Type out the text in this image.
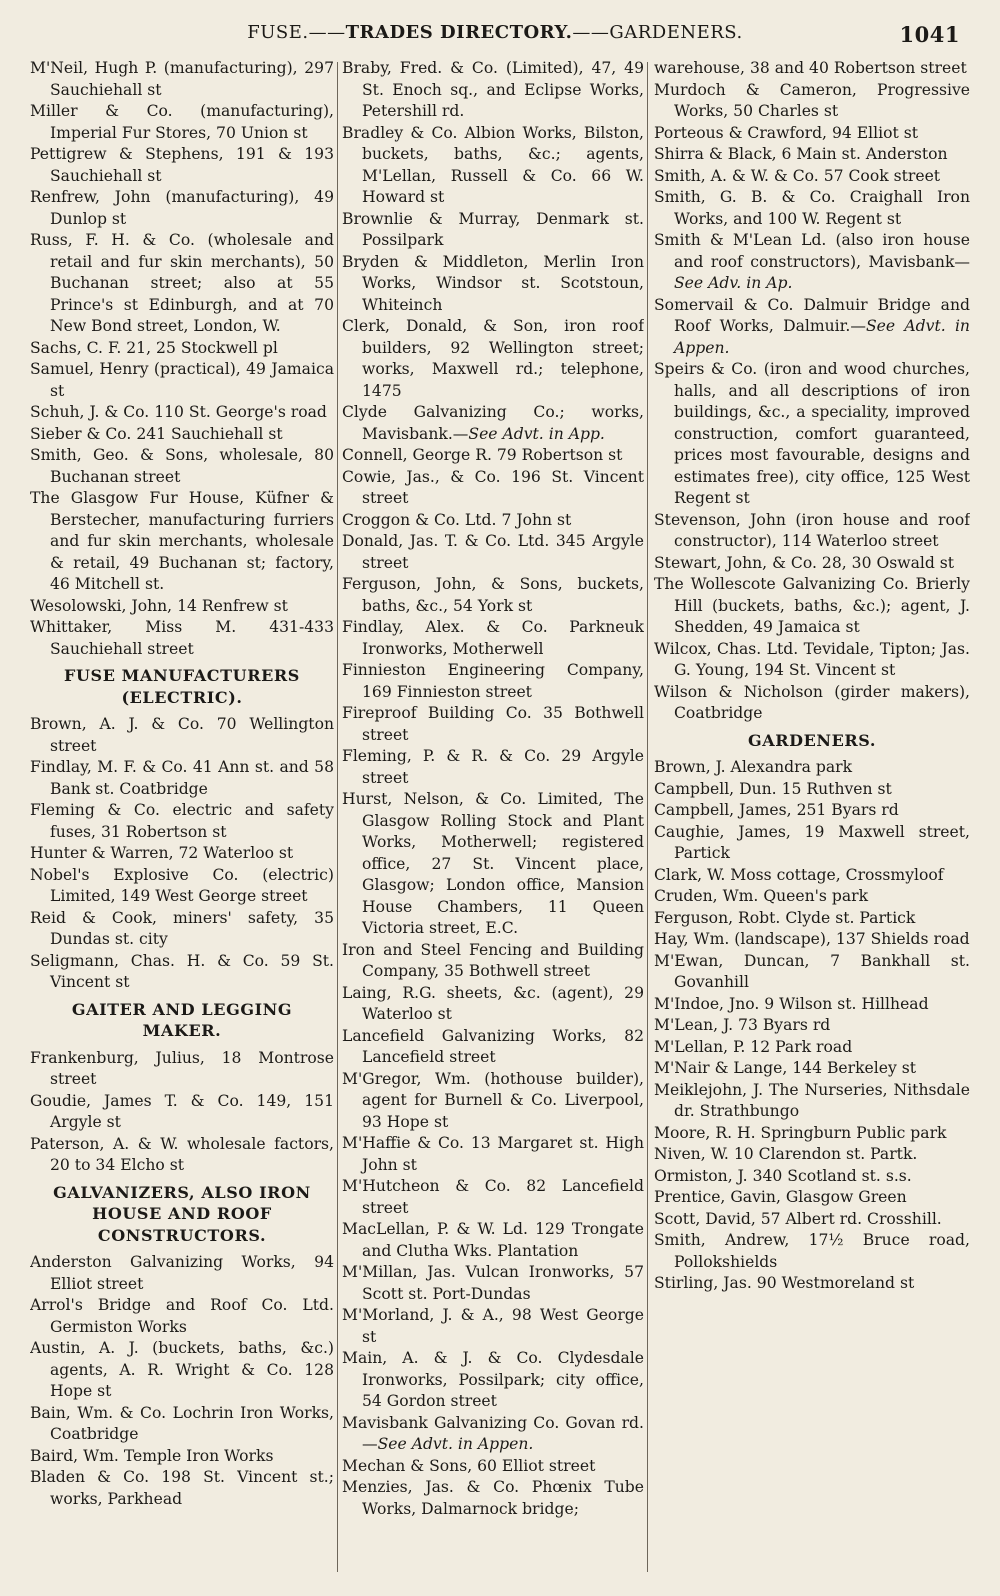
FUSE.——TRADES DIRECTORY.——GARDENERS.	1041
M'Neil, Hugh P. (manufacturing), 297 Sauchiehall st
Miller & Co. (manufacturing), Imperial Fur Stores, 70 Union st
Pettigrew & Stephens, 191 & 193 Sauchiehall st
Renfrew, John (manufacturing), 49 Dunlop st
Russ, F. H. & Co. (wholesale and retail and fur skin merchants), 50 Buchanan street; also at 55 Prince's st Edinburgh, and at 70 New Bond street, London, W.
Sachs, C. F. 21, 25 Stockwell pl
Samuel, Henry (practical), 49 Jamaica st
Schuh, J. & Co. 110 St. George's road
Sieber & Co. 241 Sauchiehall st
Smith, Geo. & Sons, wholesale, 80 Buchanan street
The Glasgow Fur House, Küfner & Berstecher, manufacturing furriers and fur skin merchants, wholesale & retail, 49 Buchanan st; factory, 46 Mitchell st.
Wesolowski, John, 14 Renfrew st
Whittaker, Miss M. 431-433 Sauchiehall street
FUSE MANUFACTURERS (ELECTRIC).
Brown, A. J. & Co. 70 Wellington street
Findlay, M. F. & Co. 41 Ann st. and 58 Bank st. Coatbridge
Fleming & Co. electric and safety fuses, 31 Robertson st
Hunter & Warren, 72 Waterloo st
Nobel's Explosive Co. (electric) Limited, 149 West George street
Reid & Cook, miners' safety, 35 Dundas st. city
Seligmann, Chas. H. & Co. 59 St. Vincent st
GAITER AND LEGGING MAKER.
Frankenburg, Julius, 18 Montrose street
Goudie, James T. & Co. 149, 151 Argyle st
Paterson, A. & W. wholesale factors, 20 to 34 Elcho st
GALVANIZERS, ALSO IRON HOUSE AND ROOF CONSTRUCTORS.
Anderston Galvanizing Works, 94 Elliot street
Arrol's Bridge and Roof Co. Ltd. Germiston Works
Austin, A. J. (buckets, baths, &c.) agents, A. R. Wright & Co. 128 Hope st
Bain, Wm. & Co. Lochrin Iron Works, Coatbridge
Baird, Wm. Temple Iron Works
Bladen & Co. 198 St. Vincent st.; works, Parkhead
Braby, Fred. & Co. (Limited), 47, 49 St. Enoch sq., and Eclipse Works, Petershill rd.
Bradley & Co. Albion Works, Bilston, buckets, baths, &c.; agents, M'Lellan, Russell & Co. 66 W. Howard st
Brownlie & Murray, Denmark st. Possilpark
Bryden & Middleton, Merlin Iron Works, Windsor st. Scotstoun, Whiteinch
Clerk, Donald, & Son, iron roof builders, 92 Wellington street; works, Maxwell rd.; telephone, 1475
Clyde Galvanizing Co.; works, Mavisbank.—See Advt. in App.
Connell, George R. 79 Robertson st
Cowie, Jas., & Co. 196 St. Vincent street
Croggon & Co. Ltd. 7 John st
Donald, Jas. T. & Co. Ltd. 345 Argyle street
Ferguson, John, & Sons, buckets, baths, &c., 54 York st
Findlay, Alex. & Co. Parkneuk Ironworks, Motherwell
Finnieston Engineering Company, 169 Finnieston street
Fireproof Building Co. 35 Bothwell street
Fleming, P. & R. & Co. 29 Argyle street
Hurst, Nelson, & Co. Limited, The Glasgow Rolling Stock and Plant Works, Motherwell; registered office, 27 St. Vincent place, Glasgow; London office, Mansion House Chambers, 11 Queen Victoria street, E.C.
Iron and Steel Fencing and Building Company, 35 Bothwell street
Laing, R.G. sheets, &c. (agent), 29 Waterloo st
Lancefield Galvanizing Works, 82 Lancefield street
M'Gregor, Wm. (hothouse builder), agent for Burnell & Co. Liverpool, 93 Hope st
M'Haffie & Co. 13 Margaret st. High John st
M'Hutcheon & Co. 82 Lancefield street
MacLellan, P. & W. Ld. 129 Trongate and Clutha Wks. Plantation
M'Millan, Jas. Vulcan Ironworks, 57 Scott st. Port-Dundas
M'Morland, J. & A., 98 West George st
Main, A. & J. & Co. Clydesdale Ironworks, Possilpark; city office, 54 Gordon street
Mavisbank Galvanizing Co. Govan rd.—See Advt. in Appen.
Mechan & Sons, 60 Elliot street
Menzies, Jas. & Co. Phœnix Tube Works, Dalmarnock bridge;
warehouse, 38 and 40 Robertson street
Murdoch & Cameron, Progressive Works, 50 Charles st
Porteous & Crawford, 94 Elliot st
Shirra & Black, 6 Main st. Anderston
Smith, A. & W. & Co. 57 Cook street
Smith, G. B. & Co. Craighall Iron Works, and 100 W. Regent st
Smith & M'Lean Ld. (also iron house and roof constructors), Mavisbank—See Adv. in Ap.
Somervail & Co. Dalmuir Bridge and Roof Works, Dalmuir.—See Advt. in Appen.
Speirs & Co. (iron and wood churches, halls, and all descriptions of iron buildings, &c., a speciality, improved construction, comfort guaranteed, prices most favourable, designs and estimates free), city office, 125 West Regent st
Stevenson, John (iron house and roof constructor), 114 Waterloo street
Stewart, John, & Co. 28, 30 Oswald st
The Wollescote Galvanizing Co. Brierly Hill (buckets, baths, &c.); agent, J. Shedden, 49 Jamaica st
Wilcox, Chas. Ltd. Tevidale, Tipton; Jas. G. Young, 194 St. Vincent st
Wilson & Nicholson (girder makers), Coatbridge
GARDENERS.
Brown, J. Alexandra park
Campbell, Dun. 15 Ruthven st
Campbell, James, 251 Byars rd
Caughie, James, 19 Maxwell street, Partick
Clark, W. Moss cottage, Crossmyloof
Cruden, Wm. Queen's park
Ferguson, Robt. Clyde st. Partick
Hay, Wm. (landscape), 137 Shields road
M'Ewan, Duncan, 7 Bankhall st. Govanhill
M'Indoe, Jno. 9 Wilson st. Hillhead
M'Lean, J. 73 Byars rd
M'Lellan, P. 12 Park road
M'Nair & Lange, 144 Berkeley st
Meiklejohn, J. The Nurseries, Nithsdale dr. Strathbungo
Moore, R. H. Springburn Public park
Niven, W. 10 Clarendon st. Partk.
Ormiston, J. 340 Scotland st. s.s.
Prentice, Gavin, Glasgow Green
Scott, David, 57 Albert rd. Crosshill.
Smith, Andrew, 17½ Bruce road, Pollokshields
Stirling, Jas. 90 Westmoreland st
